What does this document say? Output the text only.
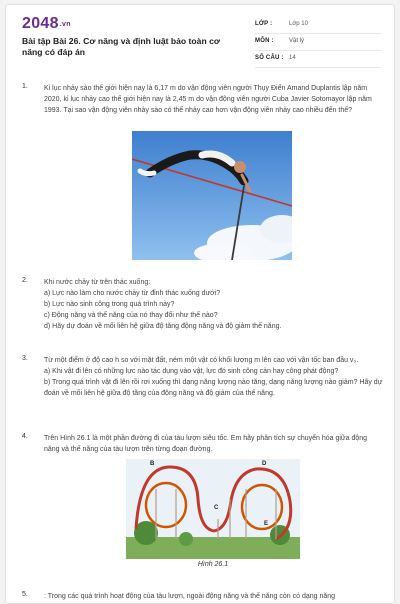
2048.vn
Bài tập Bài 26. Cơ năng và định luật bảo toàn cơ năng có đáp án
LỚP :	Lớp 10
MÔN :	Vật lý
SỐ CÂU : 14
1. Kỉ lục nhảy sào thế giới hiện nay là 6,17 m do vận động viên người Thụy Điển Amand Duplantis lập năm 2020, kỉ lục nhảy cao thế giới hiện nay là 2,45 m do vận động viên người Cuba Javier Sotomayor lập năm 1993. Tại sao vận động viên nhảy sào có thể nhảy cao hơn vận động viên nhảy cao nhiều đến thế?

2. Khi nước chảy từ trên thác xuống:

a) Lực nào làm cho nước chảy từ đỉnh thác xuống dưới?

b) Lực nào sinh công trong quá trình này?

c) Động năng và thế năng của nó thay đổi như thế nào?

d) Hãy dự đoán về mối liên hệ giữa độ tăng động năng và độ giảm thế năng.

3. Từ một điểm ở độ cao h so với mặt đất, ném một vật có khối lượng m lên cao với vận tốc ban đầu v₀.

a) Khi vật đi lên có những lực nào tác dụng vào vật, lực đó sinh công cản hay công phát động?

b) Trong quá trình vật đi lên rồi rơi xuống thì dạng năng lượng nào tăng, dạng năng lượng nào giảm? Hãy dự đoán về mối liên hệ giữa độ tăng của động năng và độ giảm của thế năng.

4. Trên Hình 26.1 là một phần đường đi của tàu lượn siêu tốc. Em hãy phân tích sự chuyển hóa giữa động năng và thế năng của tàu lượn trên từng đoạn đường.

B	D
C
E
Hình 26.1
5. : Trong các quá trình hoạt động của tàu lượn, ngoài động năng và thế năng còn có dạng năng
